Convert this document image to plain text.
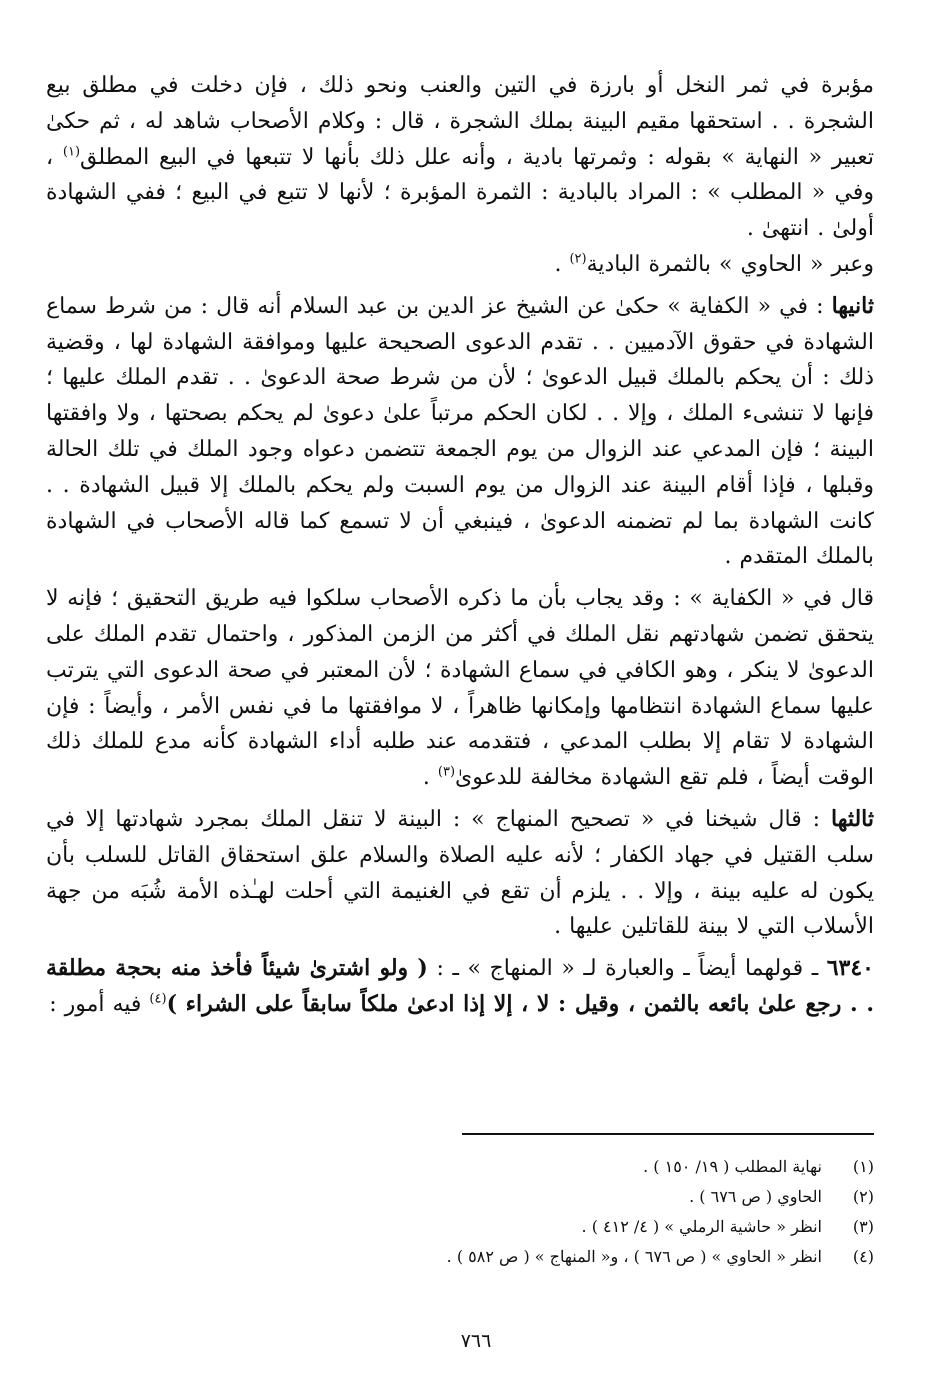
مؤبرة في ثمر النخل أو بارزة في التين والعنب ونحو ذلك ، فإن دخلت في مطلق بيع الشجرة . . استحقها مقيم البينة بملك الشجرة ، قال : وكلام الأصحاب شاهد له ، ثم حكىٰ تعبير « النهاية » بقوله : وثمرتها بادية ، وأنه علل ذلك بأنها لا تتبعها في البيع المطلق$^{(١)}$ ، وفي « المطلب » : المراد بالبادية : الثمرة المؤبرة ؛ لأنها لا تتبع في البيع ؛ ففي الشهادة أولىٰ . انتهىٰ .

وعبر « الحاوي » بالثمرة البادية$^{(٢)}$ .

ثانيها : في « الكفاية » حكىٰ عن الشيخ عز الدين بن عبد السلام أنه قال : من شرط سماع الشهادة في حقوق الآدميين . . تقدم الدعوى الصحيحة عليها وموافقة الشهادة لها ، وقضية ذلك : أن يحكم بالملك قبيل الدعوىٰ ؛ لأن من شرط صحة الدعوىٰ . . تقدم الملك عليها ؛ فإنها لا تنشىء الملك ، وإلا . . لكان الحكم مرتباً علىٰ دعوىٰ لم يحكم بصحتها ، ولا وافقتها البينة ؛ فإن المدعي عند الزوال من يوم الجمعة تتضمن دعواه وجود الملك في تلك الحالة وقبلها ، فإذا أقام البينة عند الزوال من يوم السبت ولم يحكم بالملك إلا قبيل الشهادة . . كانت الشهادة بما لم تضمنه الدعوىٰ ، فينبغي أن لا تسمع كما قاله الأصحاب في الشهادة بالملك المتقدم .

قال في « الكفاية » : وقد يجاب بأن ما ذكره الأصحاب سلكوا فيه طريق التحقيق ؛ فإنه لا يتحقق تضمن شهادتهم نقل الملك في أكثر من الزمن المذكور ، واحتمال تقدم الملك على الدعوىٰ لا ينكر ، وهو الكافي في سماع الشهادة ؛ لأن المعتبر في صحة الدعوى التي يترتب عليها سماع الشهادة انتظامها وإمكانها ظاهراً ، لا موافقتها ما في نفس الأمر ، وأيضاً : فإن الشهادة لا تقام إلا بطلب المدعي ، فتقدمه عند طلبه أداء الشهادة كأنه مدع للملك ذلك الوقت أيضاً ، فلم تقع الشهادة مخالفة للدعوىٰ$^{(٣)}$ .

ثالثها : قال شيخنا في « تصحيح المنهاج » : البينة لا تنقل الملك بمجرد شهادتها إلا في سلب القتيل في جهاد الكفار ؛ لأنه عليه الصلاة والسلام علق استحقاق القاتل للسلب بأن يكون له عليه بينة ، وإلا . . يلزم أن تقع في الغنيمة التي أحلت لهـٰذه الأمة شُبَه من جهة الأسلاب التي لا بينة للقاتلين عليها .

٦٣٤٠ ـ قولهما أيضاً ـ والعبارة لـ « المنهاج » ـ : ( ولو اشترىٰ شيئاً فأخذ منه بحجة مطلقة . . رجع علىٰ بائعه بالثمن ، وقيل : لا ، إلا إذا ادعىٰ ملكاً سابقاً على الشراء )$^{(٤)}$ فيه أمور :

(١)
نهاية المطلب ( ١٩/ ١٥٠ ) .
(٢)
الحاوي ( ص ٦٧٦ ) .
(٣)
انظر « حاشية الرملي » ( ٤/ ٤١٢ ) .
(٤)
انظر « الحاوي » ( ص ٦٧٦ ) ، و« المنهاج » ( ص ٥٨٢ ) .
٧٦٦
